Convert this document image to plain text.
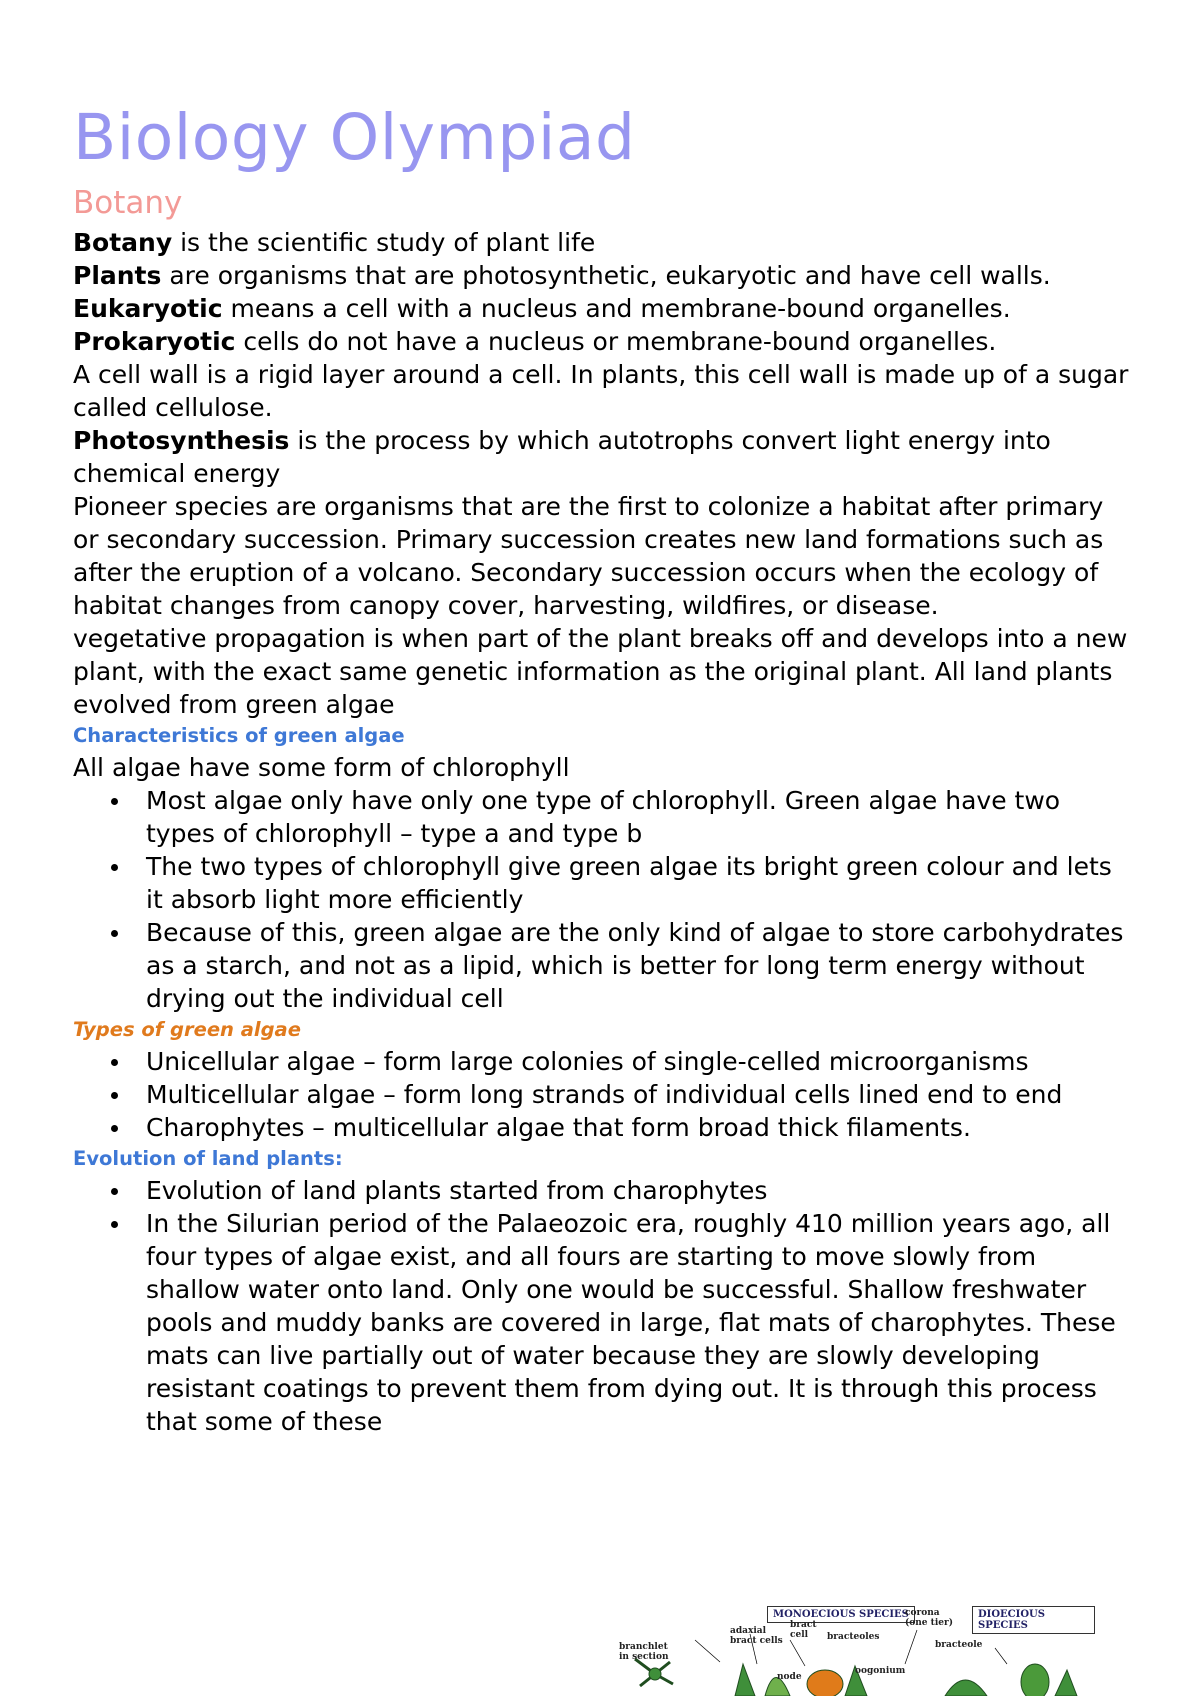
Biology Olympiad
Botany

Botany is the scientific study of plant life

Plants are organisms that are photosynthetic, eukaryotic and have cell walls.

Eukaryotic means a cell with a nucleus and membrane-bound organelles.

Prokaryotic cells do not have a nucleus or membrane-bound organelles.

A cell wall is a rigid layer around a cell. In plants, this cell wall is made up of a sugar called cellulose.

Photosynthesis is the process by which autotrophs convert light energy into chemical energy

Pioneer species are organisms that are the first to colonize a habitat after primary or secondary succession. Primary succession creates new land formations such as after the eruption of a volcano. Secondary succession occurs when the ecology of habitat changes from canopy cover, harvesting, wildfires, or disease.

vegetative propagation is when part of the plant breaks off and develops into a new plant, with the exact same genetic information as the original plant. All land plants evolved from green algae

Characteristics of green algae

All algae have some form of chlorophyll

Most algae only have only one type of chlorophyll. Green algae have two types of chlorophyll – type a and type b
The two types of chlorophyll give green algae its bright green colour and lets it absorb light more efficiently
Because of this, green algae are the only kind of algae to store carbohydrates as a starch, and not as a lipid, which is better for long term energy without drying out the individual cell
Types of green algae
Unicellular algae – form large colonies of single-celled microorganisms
Multicellular algae – form long strands of individual cells lined end to end
Charophytes – multicellular algae that form broad thick filaments.
Evolution of land plants:
Evolution of land plants started from charophytes
In the Silurian period of the Palaeozoic era, roughly 410 million years ago, all four types of algae exist, and all fours are starting to move slowly from shallow water onto land. Only one would be successful. Shallow freshwater pools and muddy banks are covered in large, flat mats of charophytes. These mats can live partially out of water because they are slowly developing resistant coatings to prevent them from dying out. It is through this process that some of these
MONOECIOUS SPECIES	DIOECIOUS SPECIES
branchlet in section
adaxial bract cells
bract cell	bracteoles
corona (one tier)
bracteole
node
oogonium
